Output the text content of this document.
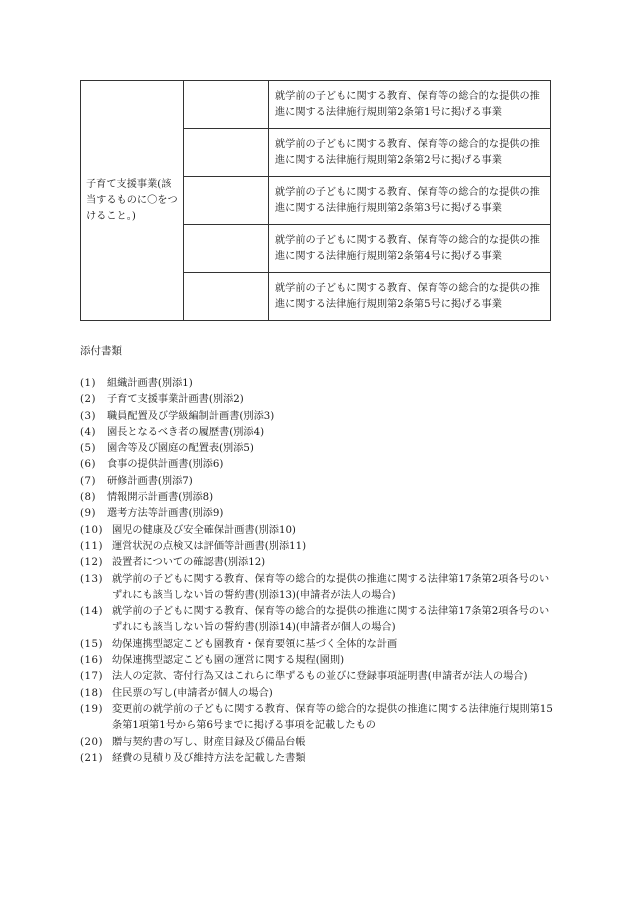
子育て支援事業(該当するものに〇をつけること。)		就学前の子どもに関する教育、保育等の総合的な提供の推進に関する法律施行規則第2条第1号に掲げる事業
		就学前の子どもに関する教育、保育等の総合的な提供の推進に関する法律施行規則第2条第2号に掲げる事業
		就学前の子どもに関する教育、保育等の総合的な提供の推進に関する法律施行規則第2条第3号に掲げる事業
		就学前の子どもに関する教育、保育等の総合的な提供の推進に関する法律施行規則第2条第4号に掲げる事業
		就学前の子どもに関する教育、保育等の総合的な提供の推進に関する法律施行規則第2条第5号に掲げる事業
添付書類
(1) 組織計画書(別添1)
(2) 子育て支援事業計画書(別添2)
(3) 職員配置及び学級編制計画書(別添3)
(4) 園長となるべき者の履歴書(別添4)
(5) 園舎等及び園庭の配置表(別添5)
(6) 食事の提供計画書(別添6)
(7) 研修計画書(別添7)
(8) 情報開示計画書(別添8)
(9) 選考方法等計画書(別添9)
(10) 園児の健康及び安全確保計画書(別添10)
(11) 運営状況の点検又は評価等計画書(別添11)
(12) 設置者についての確認書(別添12)
(13) 就学前の子どもに関する教育、保育等の総合的な提供の推進に関する法律第17条第2項各号のいずれにも該当しない旨の誓約書(別添13)(申請者が法人の場合)
(14) 就学前の子どもに関する教育、保育等の総合的な提供の推進に関する法律第17条第2項各号のいずれにも該当しない旨の誓約書(別添14)(申請者が個人の場合)
(15) 幼保連携型認定こども園教育・保育要領に基づく全体的な計画
(16) 幼保連携型認定こども園の運営に関する規程(園則)
(17) 法人の定款、寄付行為又はこれらに準ずるもの並びに登録事項証明書(申請者が法人の場合)
(18) 住民票の写し(申請者が個人の場合)
(19) 変更前の就学前の子どもに関する教育、保育等の総合的な提供の推進に関する法律施行規則第15条第1項第1号から第6号までに掲げる事項を記載したもの
(20) 贈与契約書の写し、財産目録及び備品台帳
(21) 経費の見積り及び維持方法を記載した書類
